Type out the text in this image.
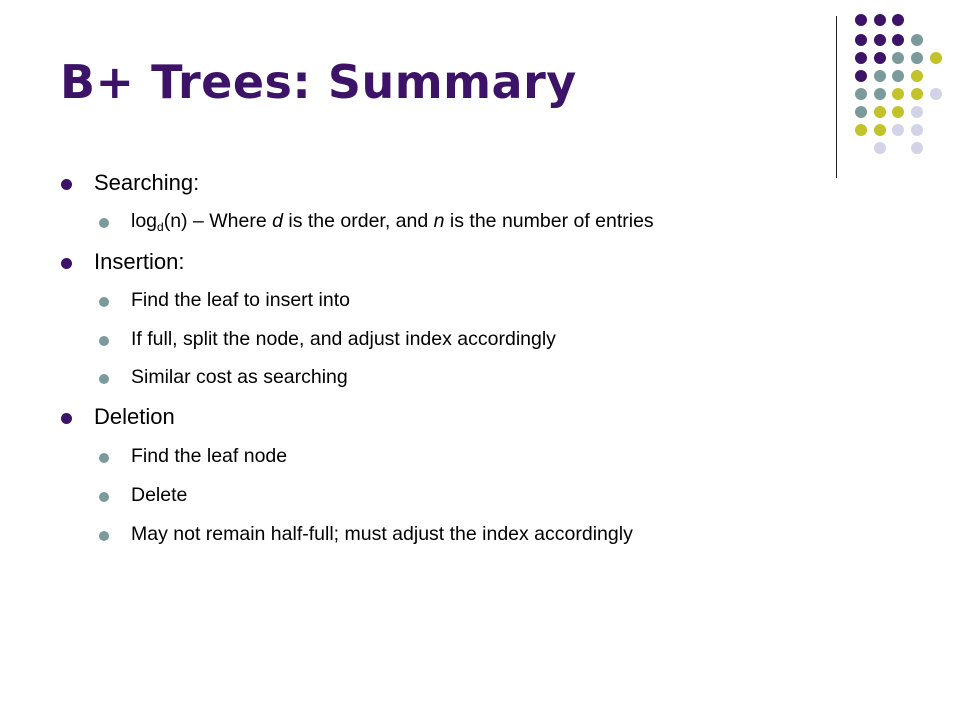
B+ Trees: Summary
Searching:
$\log_d(n)$ – Where d is the order, and n is the number of entries
Insertion:
Find the leaf to insert into
If full, split the node, and adjust index accordingly
Similar cost as searching
Deletion
Find the leaf node
Delete
May not remain half-full; must adjust the index accordingly
